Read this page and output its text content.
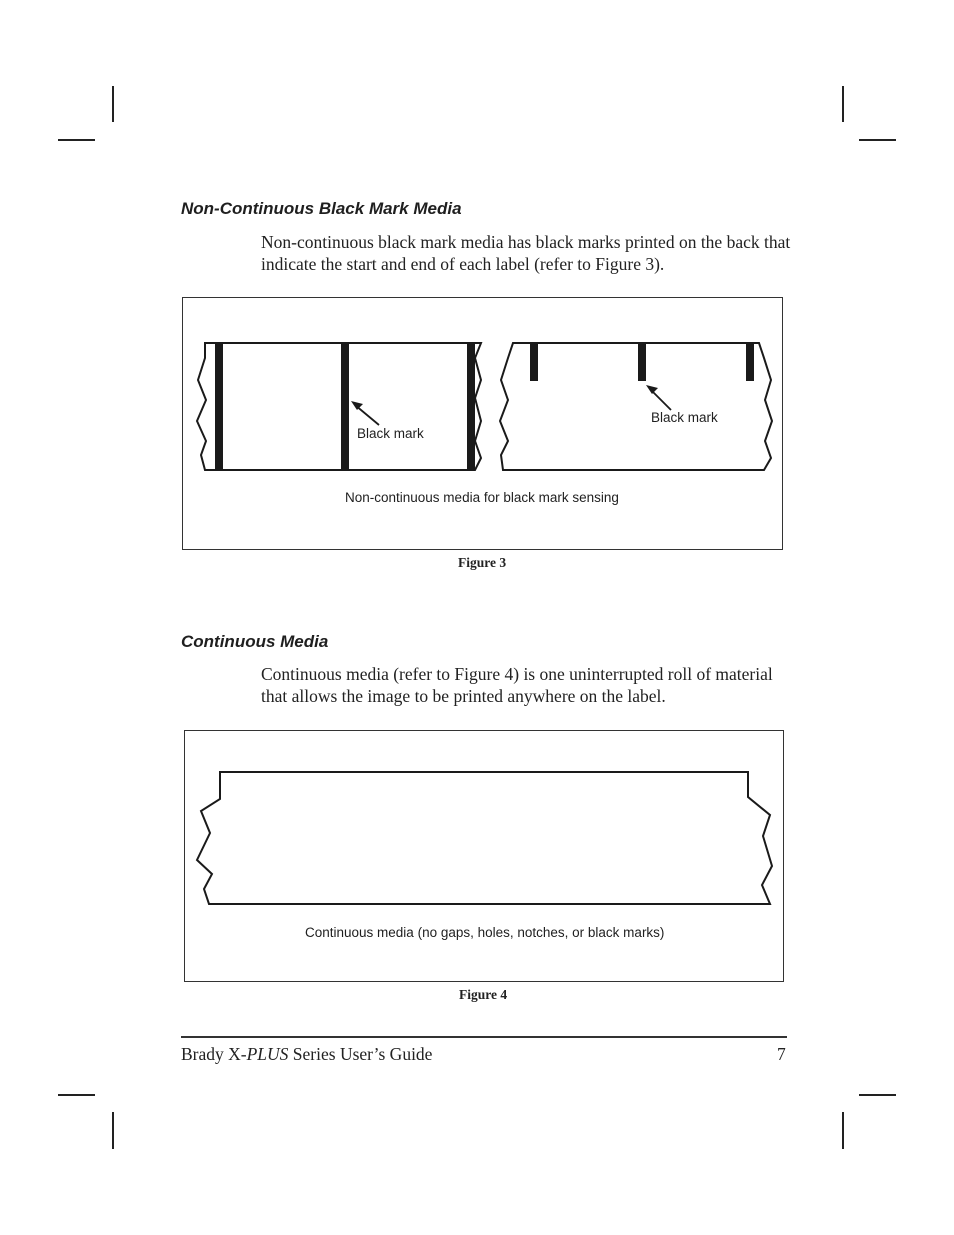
Non-Continuous Black Mark Media

Non-continuous black mark media has black marks printed on the back that
indicate the start and end of each label (refer to Figure 3).

Black mark
Black mark
Non-continuous media for black mark sensing
Figure 3
Continuous Media

Continuous media (refer to Figure 4) is one uninterrupted roll of material
that allows the image to be printed anywhere on the label.

Continuous media (no gaps, holes, notches, or black marks)
Figure 4
Brady X-PLUS Series User’s Guide	7
